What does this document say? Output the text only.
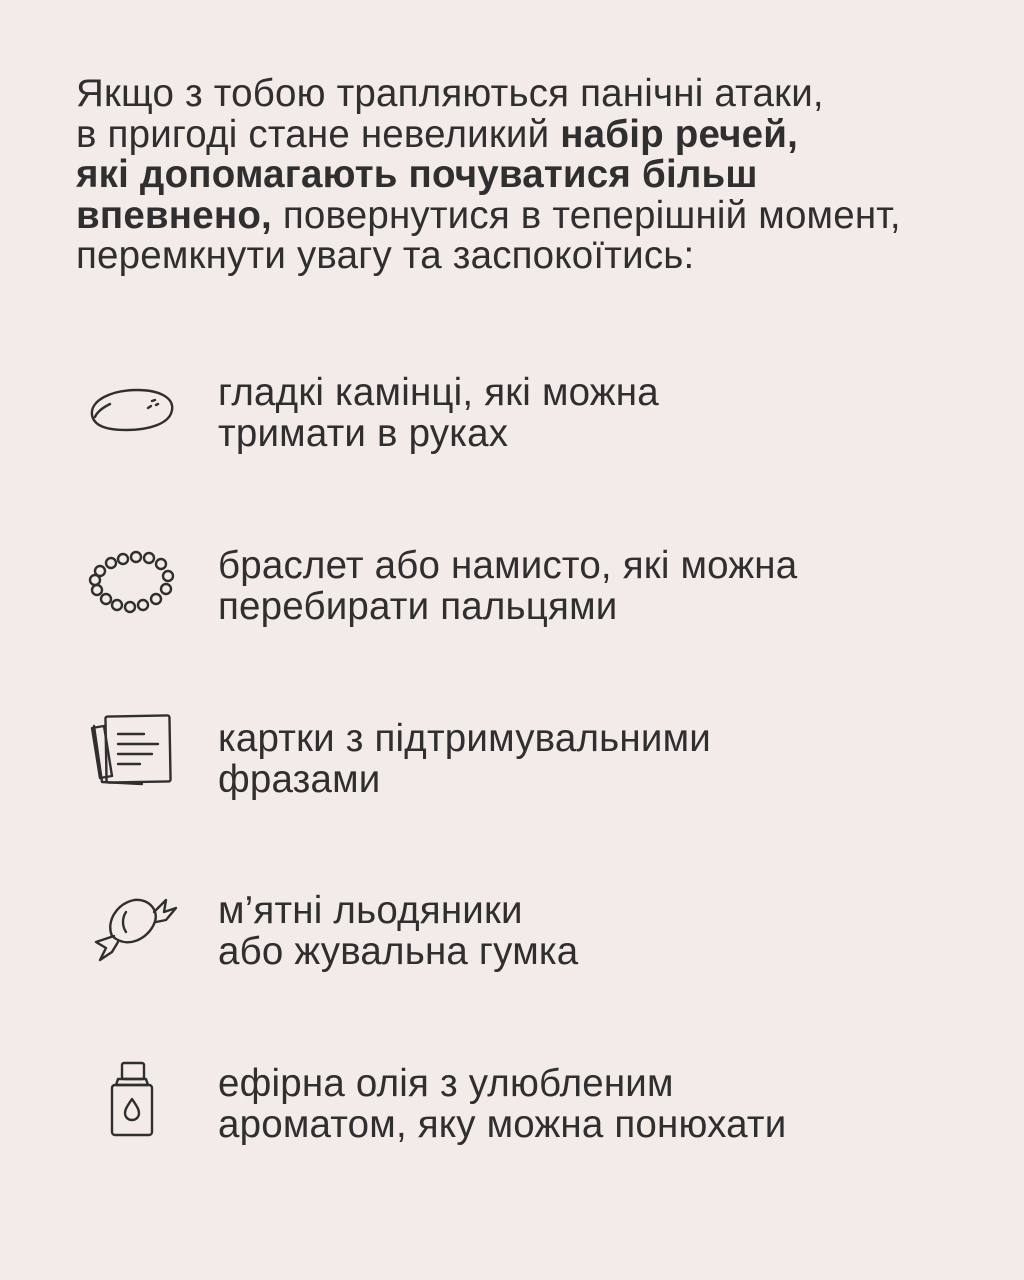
Якщо з тобою трапляються панічні атаки,
в пригоді стане невеликий набір речей,
які допомагають почуватися більш
впевнено, повернутися в теперішній момент,
перемкнути увагу та заспокоїтись:
гладкі камінці, які можна
тримати в руках
браслет або намисто, які можна
перебирати пальцями
картки з підтримувальними
фразами
м’ятні льодяники
або жувальна гумка
ефірна олія з улюбленим
ароматом, яку можна понюхати
